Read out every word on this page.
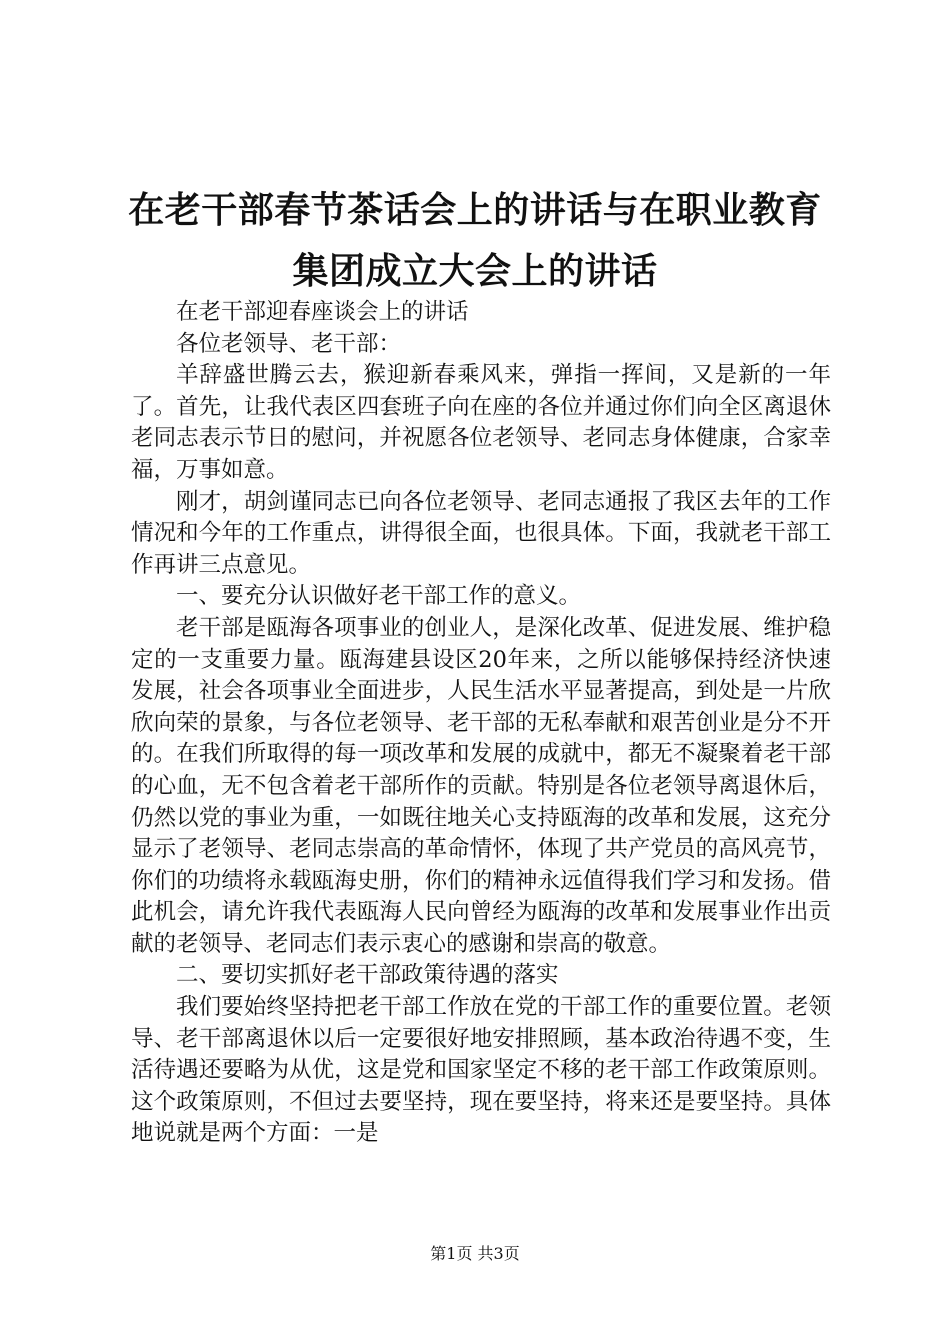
在老干部春节茶话会上的讲话与在职业教育集团成立大会上的讲话

在老干部迎春座谈会上的讲话

各位老领导、老干部：

羊辞盛世腾云去，猴迎新春乘风来，弹指一挥间，又是新的一年了。首先，让我代表区四套班子向在座的各位并通过你们向全区离退休老同志表示节日的慰问，并祝愿各位老领导、老同志身体健康，合家幸福，万事如意。

刚才，胡剑谨同志已向各位老领导、老同志通报了我区去年的工作情况和今年的工作重点，讲得很全面，也很具体。下面，我就老干部工作再讲三点意见。

一、要充分认识做好老干部工作的意义。

老干部是瓯海各项事业的创业人，是深化改革、促进发展、维护稳定的一支重要力量。瓯海建县设区20年来，之所以能够保持经济快速发展，社会各项事业全面进步，人民生活水平显著提高，到处是一片欣欣向荣的景象，与各位老领导、老干部的无私奉献和艰苦创业是分不开的。在我们所取得的每一项改革和发展的成就中，都无不凝聚着老干部的心血，无不包含着老干部所作的贡献。特别是各位老领导离退休后，仍然以党的事业为重，一如既往地关心支持瓯海的改革和发展，这充分显示了老领导、老同志崇高的革命情怀，体现了共产党员的高风亮节，你们的功绩将永载瓯海史册，你们的精神永远值得我们学习和发扬。借此机会，请允许我代表瓯海人民向曾经为瓯海的改革和发展事业作出贡献的老领导、老同志们表示衷心的感谢和崇高的敬意。

二、要切实抓好老干部政策待遇的落实

我们要始终坚持把老干部工作放在党的干部工作的重要位置。老领导、老干部离退休以后一定要很好地安排照顾，基本政治待遇不变，生活待遇还要略为从优，这是党和国家坚定不移的老干部工作政策原则。这个政策原则，不但过去要坚持，现在要坚持，将来还是要坚持。具体地说就是两个方面：一是

第1页 共3页
